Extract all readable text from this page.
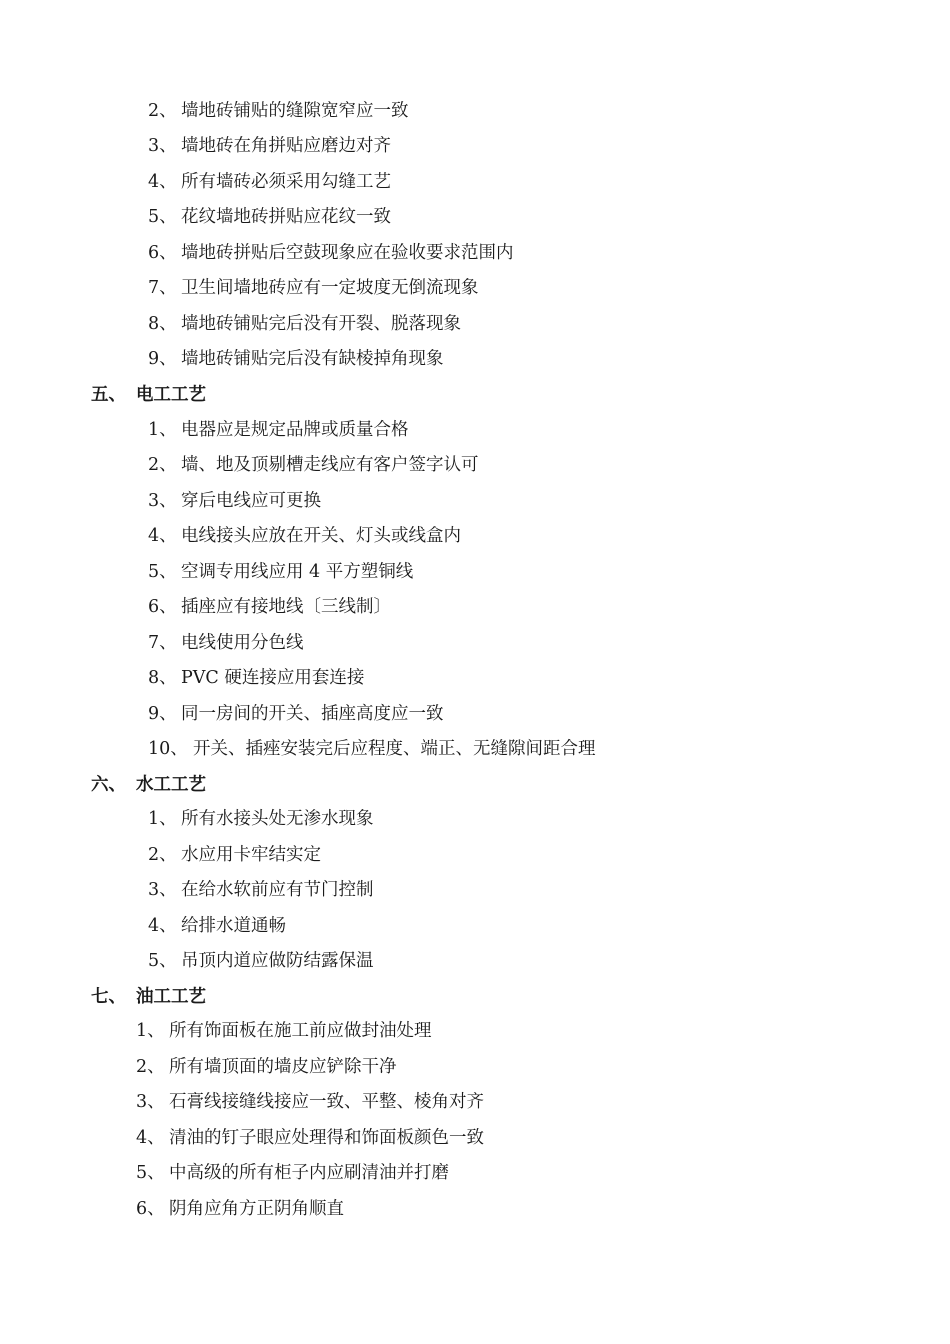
2、 墙地砖铺贴的缝隙宽窄应一致
3、 墙地砖在角拼贴应磨边对齐
4、 所有墙砖必须采用勾缝工艺
5、 花纹墙地砖拼贴应花纹一致
6、 墙地砖拼贴后空鼓现象应在验收要求范围内
7、 卫生间墙地砖应有一定坡度无倒流现象
8、 墙地砖铺贴完后没有开裂、脱落现象
9、 墙地砖铺贴完后没有缺棱掉角现象
五、 电工工艺
1、 电器应是规定品牌或质量合格
2、 墙、地及顶剔槽走线应有客户签字认可
3、 穿后电线应可更换
4、 电线接头应放在开关、灯头或线盒内
5、 空调专用线应用 4 平方塑铜线
6、 插座应有接地线〔三线制〕
7、 电线使用分色线
8、 PVC 硬连接应用套连接
9、 同一房间的开关、插座高度应一致
10、 开关、插痤安装完后应程度、端正、无缝隙间距合理
六、 水工工艺
1、 所有水接头处无渗水现象
2、 水应用卡牢结实定
3、 在给水软前应有节门控制
4、 给排水道通畅
5、 吊顶内道应做防结露保温
七、 油工工艺
1、 所有饰面板在施工前应做封油处理
2、 所有墙顶面的墙皮应铲除干净
3、 石膏线接缝线接应一致、平整、棱角对齐
4、 清油的钉子眼应处理得和饰面板颜色一致
5、 中高级的所有柜子内应刷清油并打磨
6、 阴角应角方正阴角顺直
